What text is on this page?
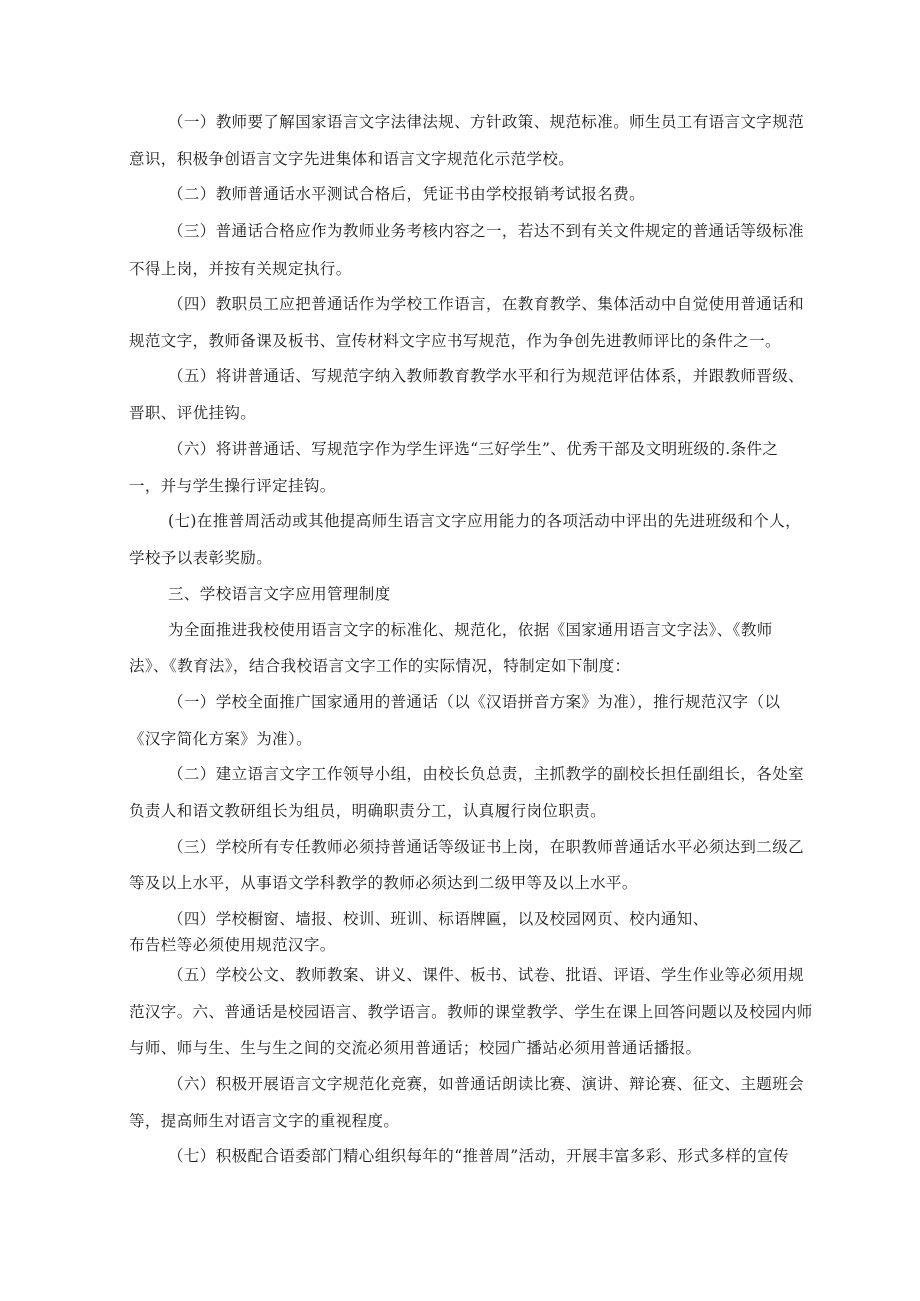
（一）教师要了解国家语言文字法律法规、方针政策、规范标准。师生员工有语言文字规范
意识，积极争创语言文字先进集体和语言文字规范化示范学校。
（二）教师普通话水平测试合格后，凭证书由学校报销考试报名费。
（三）普通话合格应作为教师业务考核内容之一，若达不到有关文件规定的普通话等级标准
不得上岗，并按有关规定执行。
（四）教职员工应把普通话作为学校工作语言，在教育教学、集体活动中自觉使用普通话和
规范文字，教师备课及板书、宣传材料文字应书写规范，作为争创先进教师评比的条件之一。
（五）将讲普通话、写规范字纳入教师教育教学水平和行为规范评估体系，并跟教师晋级、
晋职、评优挂钩。
（六）将讲普通话、写规范字作为学生评选“三好学生”、优秀干部及文明班级的.条件之
一，并与学生操行评定挂钩。
(七)在推普周活动或其他提高师生语言文字应用能力的各项活动中评出的先进班级和个人，
学校予以表彰奖励。
三、学校语言文字应用管理制度
为全面推进我校使用语言文字的标准化、规范化，依据《国家通用语言文字法》、《教师
法》、《教育法》，结合我校语言文字工作的实际情况，特制定如下制度：
（一）学校全面推广国家通用的普通话（以《汉语拼音方案》为准），推行规范汉字（以
《汉字简化方案》为准）。
（二）建立语言文字工作领导小组，由校长负总责，主抓教学的副校长担任副组长，各处室
负责人和语文教研组长为组员，明确职责分工，认真履行岗位职责。
（三）学校所有专任教师必须持普通话等级证书上岗，在职教师普通话水平必须达到二级乙
等及以上水平，从事语文学科教学的教师必须达到二级甲等及以上水平。
（四）学校橱窗、墙报、校训、班训、标语牌匾，以及校园网页、校内通知、
布告栏等必须使用规范汉字。
（五）学校公文、教师教案、讲义、课件、板书、试卷、批语、评语、学生作业等必须用规
范汉字。六、普通话是校园语言、教学语言。教师的课堂教学、学生在课上回答问题以及校园内师
与师、师与生、生与生之间的交流必须用普通话；校园广播站必须用普通话播报。
（六）积极开展语言文字规范化竞赛，如普通话朗读比赛、演讲、辩论赛、征文、主题班会
等，提高师生对语言文字的重视程度。
（七）积极配合语委部门精心组织每年的“推普周”活动，开展丰富多彩、形式多样的宣传
